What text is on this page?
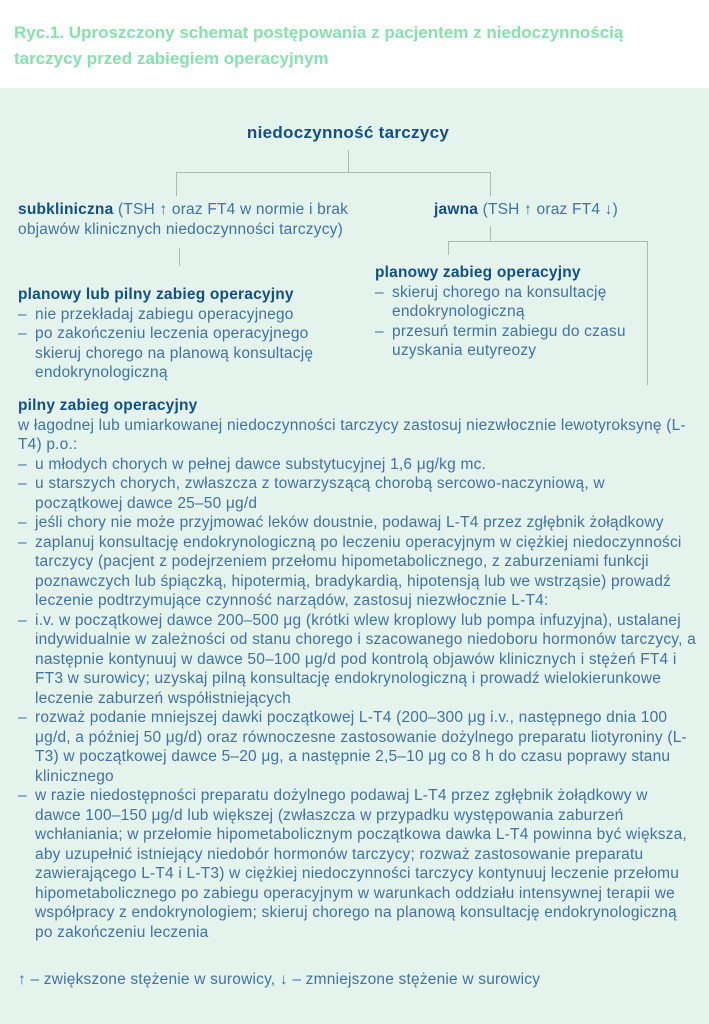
Ryc.1. Uproszczony schemat postępowania z pacjentem z niedoczynnością tarczycy przed zabiegiem operacyjnym
niedoczynność tarczycy
subkliniczna (TSH ↑ oraz FT4 w normie i brak objawów klinicznych niedoczynności tarczycy)
jawna (TSH ↑ oraz FT4 ↓)
planowy lub pilny zabieg operacyjny
– nie przekładaj zabiegu operacyjnego
– po zakończeniu leczenia operacyjnego skieruj chorego na planową konsultację endokrynologiczną
planowy zabieg operacyjny
– skieruj chorego na konsultację endokrynologiczną
– przesuń termin zabiegu do czasu uzyskania eutyreozy
pilny zabieg operacyjny
w łagodnej lub umiarkowanej niedoczynności tarczycy zastosuj niezwłocznie lewotyroksynę (L-T4) p.o.:
– u młodych chorych w pełnej dawce substytucyjnej 1,6 μg/kg mc.
– u starszych chorych, zwłaszcza z towarzyszącą chorobą sercowo-naczyniową, w początkowej dawce 25–50 μg/d
– jeśli chory nie może przyjmować leków doustnie, podawaj L-T4 przez zgłębnik żołądkowy
– zaplanuj konsultację endokrynologiczną po leczeniu operacyjnym w ciężkiej niedoczynności tarczycy (pacjent z podejrzeniem przełomu hipometabolicznego, z zaburzeniami funkcji poznawczych lub śpiączką, hipotermią, bradykardią, hipotensją lub we wstrząsie) prowadź leczenie podtrzymujące czynność narządów, zastosuj niezwłocznie L-T4:
– i.v. w początkowej dawce 200–500 μg (krótki wlew kroplowy lub pompa infuzyjna), ustalanej indywidualnie w zależności od stanu chorego i szacowanego niedoboru hormonów tarczycy, a następnie kontynuuj w dawce 50–100 μg/d pod kontrolą objawów klinicznych i stężeń FT4 i FT3 w surowicy; uzyskaj pilną konsultację endokrynologiczną i prowadź wielokierunkowe leczenie zaburzeń współistniejących
– rozważ podanie mniejszej dawki początkowej L-T4 (200–300 μg i.v., następnego dnia 100 μg/d, a później 50 μg/d) oraz równoczesne zastosowanie dożylnego preparatu liotyroniny (L-T3) w początkowej dawce 5–20 μg, a następnie 2,5–10 μg co 8 h do czasu poprawy stanu klinicznego
– w razie niedostępności preparatu dożylnego podawaj L-T4 przez zgłębnik żołądkowy w dawce 100–150 μg/d lub większej (zwłaszcza w przypadku występowania zaburzeń wchłaniania; w przełomie hipometabolicznym początkowa dawka L-T4 powinna być większa, aby uzupełnić istniejący niedobór hormonów tarczycy; rozważ zastosowanie preparatu zawierającego L-T4 i L-T3) w ciężkiej niedoczynności tarczycy kontynuuj leczenie przełomu hipometabolicznego po zabiegu operacyjnym w warunkach oddziału intensywnej terapii we współpracy z endokrynologiem; skieruj chorego na planową konsultację endokrynologiczną po zakończeniu leczenia
↑ – zwiększone stężenie w surowicy, ↓ – zmniejszone stężenie w surowicy
